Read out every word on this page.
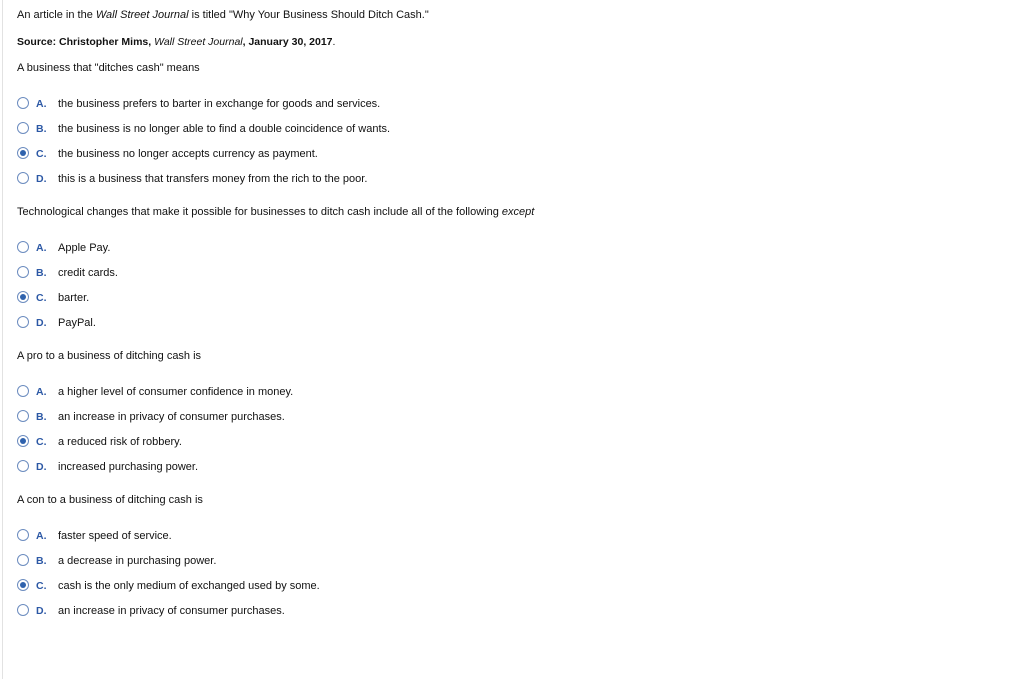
An article in the Wall Street Journal is titled "Why Your Business Should Ditch Cash."
Source: Christopher Mims, Wall Street Journal, January 30, 2017.
A business that "ditches cash" means
A. the business prefers to barter in exchange for goods and services.
B. the business is no longer able to find a double coincidence of wants.
C. the business no longer accepts currency as payment.
D. this is a business that transfers money from the rich to the poor.
Technological changes that make it possible for businesses to ditch cash include all of the following except
A. Apple Pay.
B. credit cards.
C. barter.
D. PayPal.
A pro to a business of ditching cash is
A. a higher level of consumer confidence in money.
B. an increase in privacy of consumer purchases.
C. a reduced risk of robbery.
D. increased purchasing power.
A con to a business of ditching cash is
A. faster speed of service.
B. a decrease in purchasing power.
C. cash is the only medium of exchanged used by some.
D. an increase in privacy of consumer purchases.
